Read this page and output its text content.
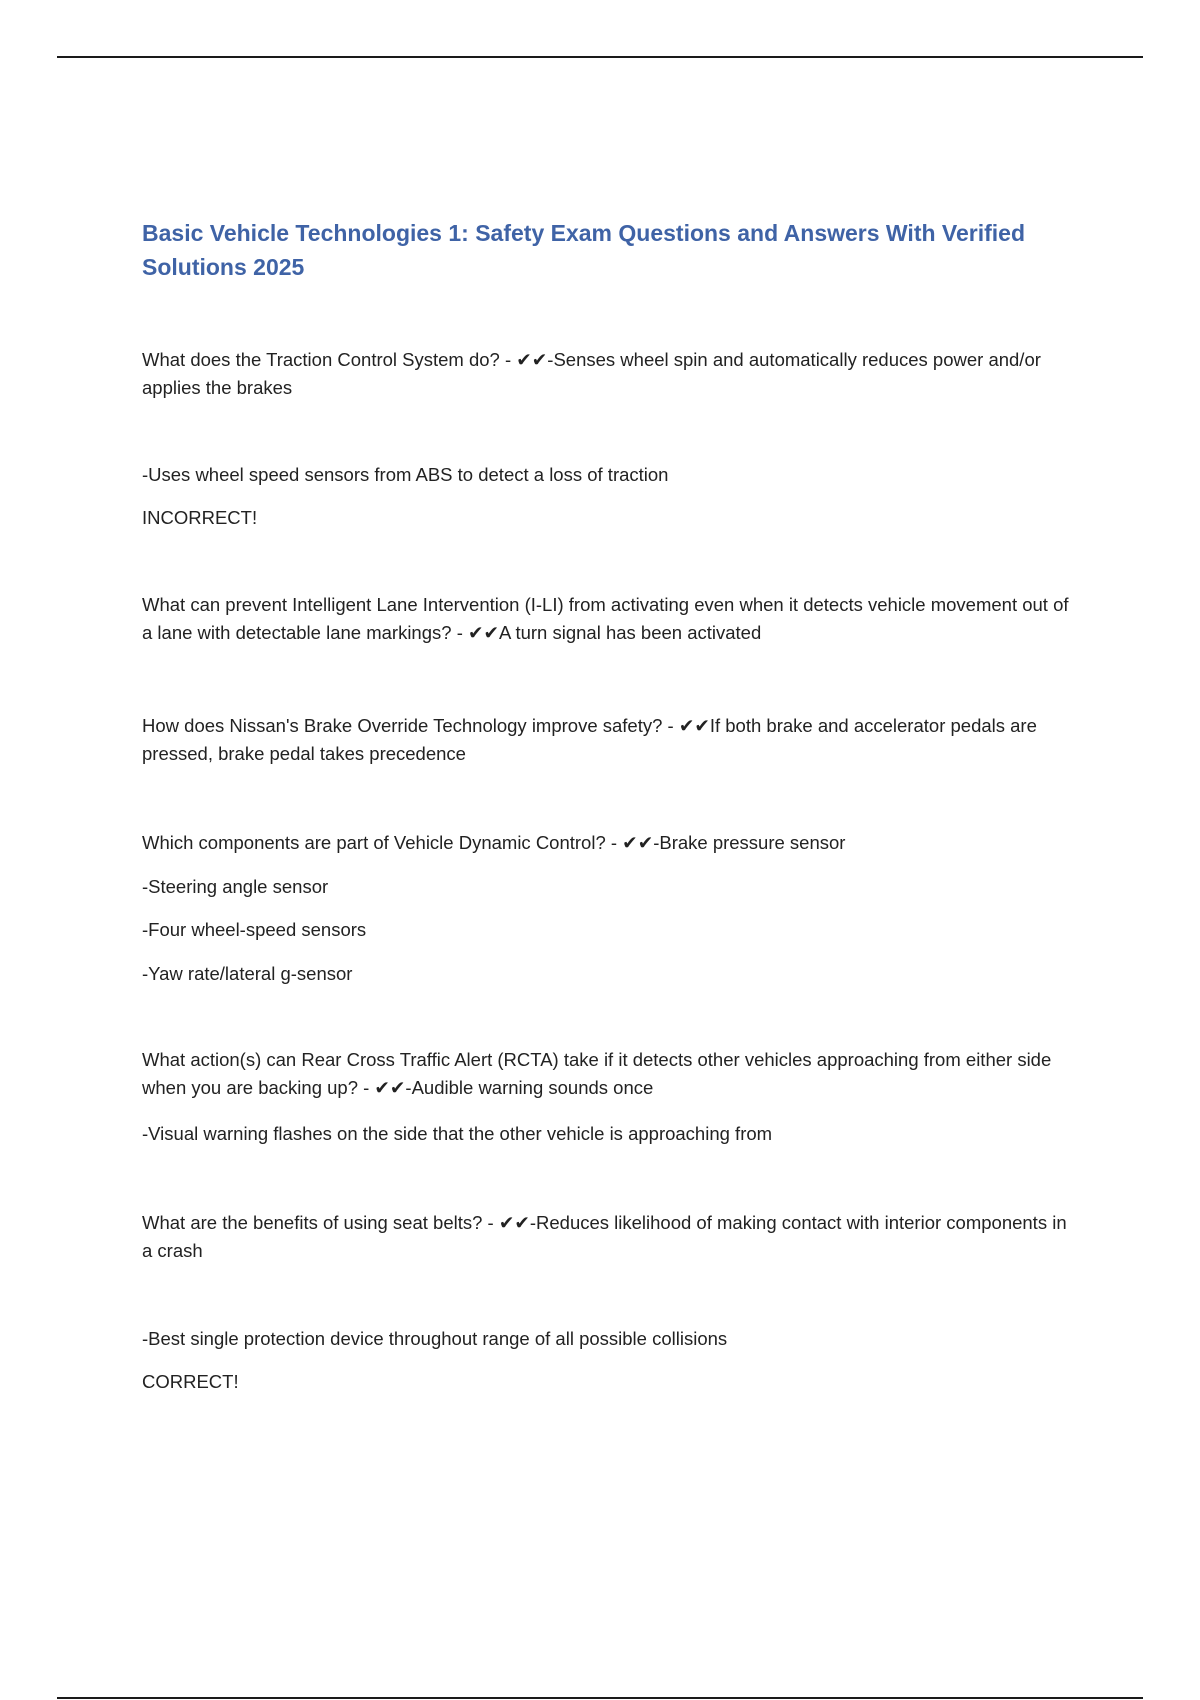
Basic Vehicle Technologies 1: Safety Exam Questions and Answers With Verified Solutions 2025

What does the Traction Control System do? - ✔✔-Senses wheel spin and automatically reduces power and/or applies the brakes

-Uses wheel speed sensors from ABS to detect a loss of traction

INCORRECT!

What can prevent Intelligent Lane Intervention (I-LI) from activating even when it detects vehicle movement out of a lane with detectable lane markings? - ✔✔A turn signal has been activated

How does Nissan's Brake Override Technology improve safety? - ✔✔If both brake and accelerator pedals are pressed, brake pedal takes precedence

Which components are part of Vehicle Dynamic Control? - ✔✔-Brake pressure sensor

-Steering angle sensor

-Four wheel-speed sensors

-Yaw rate/lateral g-sensor

What action(s) can Rear Cross Traffic Alert (RCTA) take if it detects other vehicles approaching from either side when you are backing up? - ✔✔-Audible warning sounds once

-Visual warning flashes on the side that the other vehicle is approaching from

What are the benefits of using seat belts? - ✔✔-Reduces likelihood of making contact with interior components in a crash

-Best single protection device throughout range of all possible collisions

CORRECT!
